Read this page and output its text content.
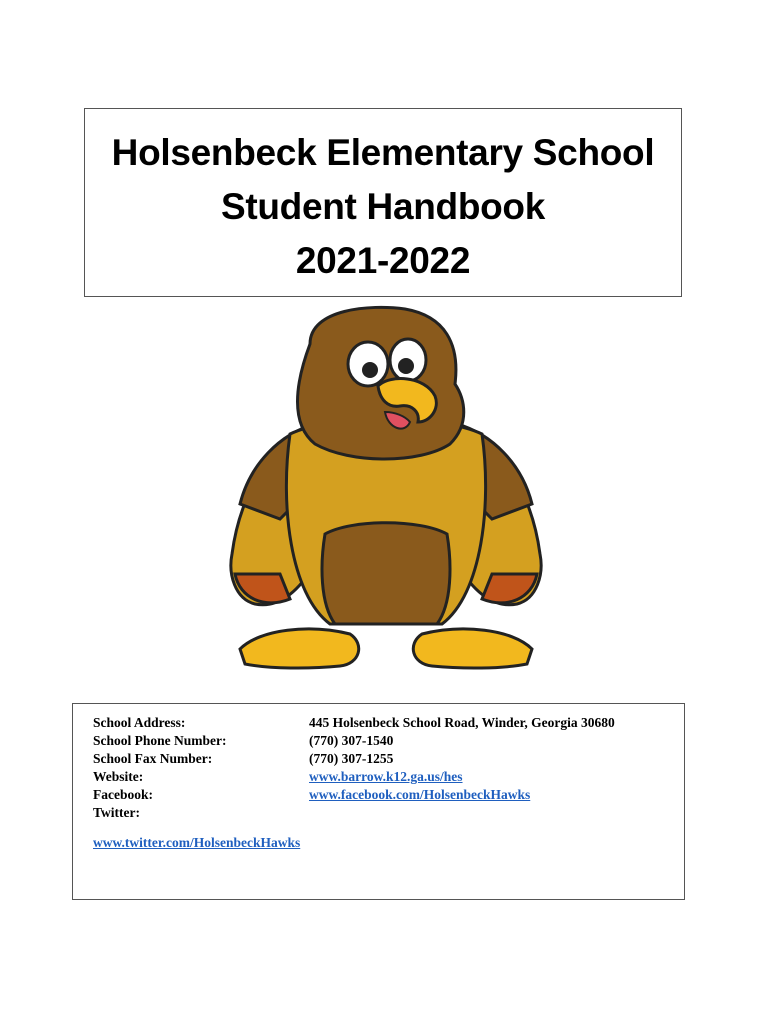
Holsenbeck Elementary School
Student Handbook
2021-2022
School Address:	445 Holsenbeck School Road, Winder, Georgia 30680
School Phone Number:	(770) 307-1540
School Fax Number:	(770) 307-1255
Website:	www.barrow.k12.ga.us/hes
Facebook:	www.facebook.com/HolsenbeckHawks
Twitter:
www.twitter.com/HolsenbeckHawks
